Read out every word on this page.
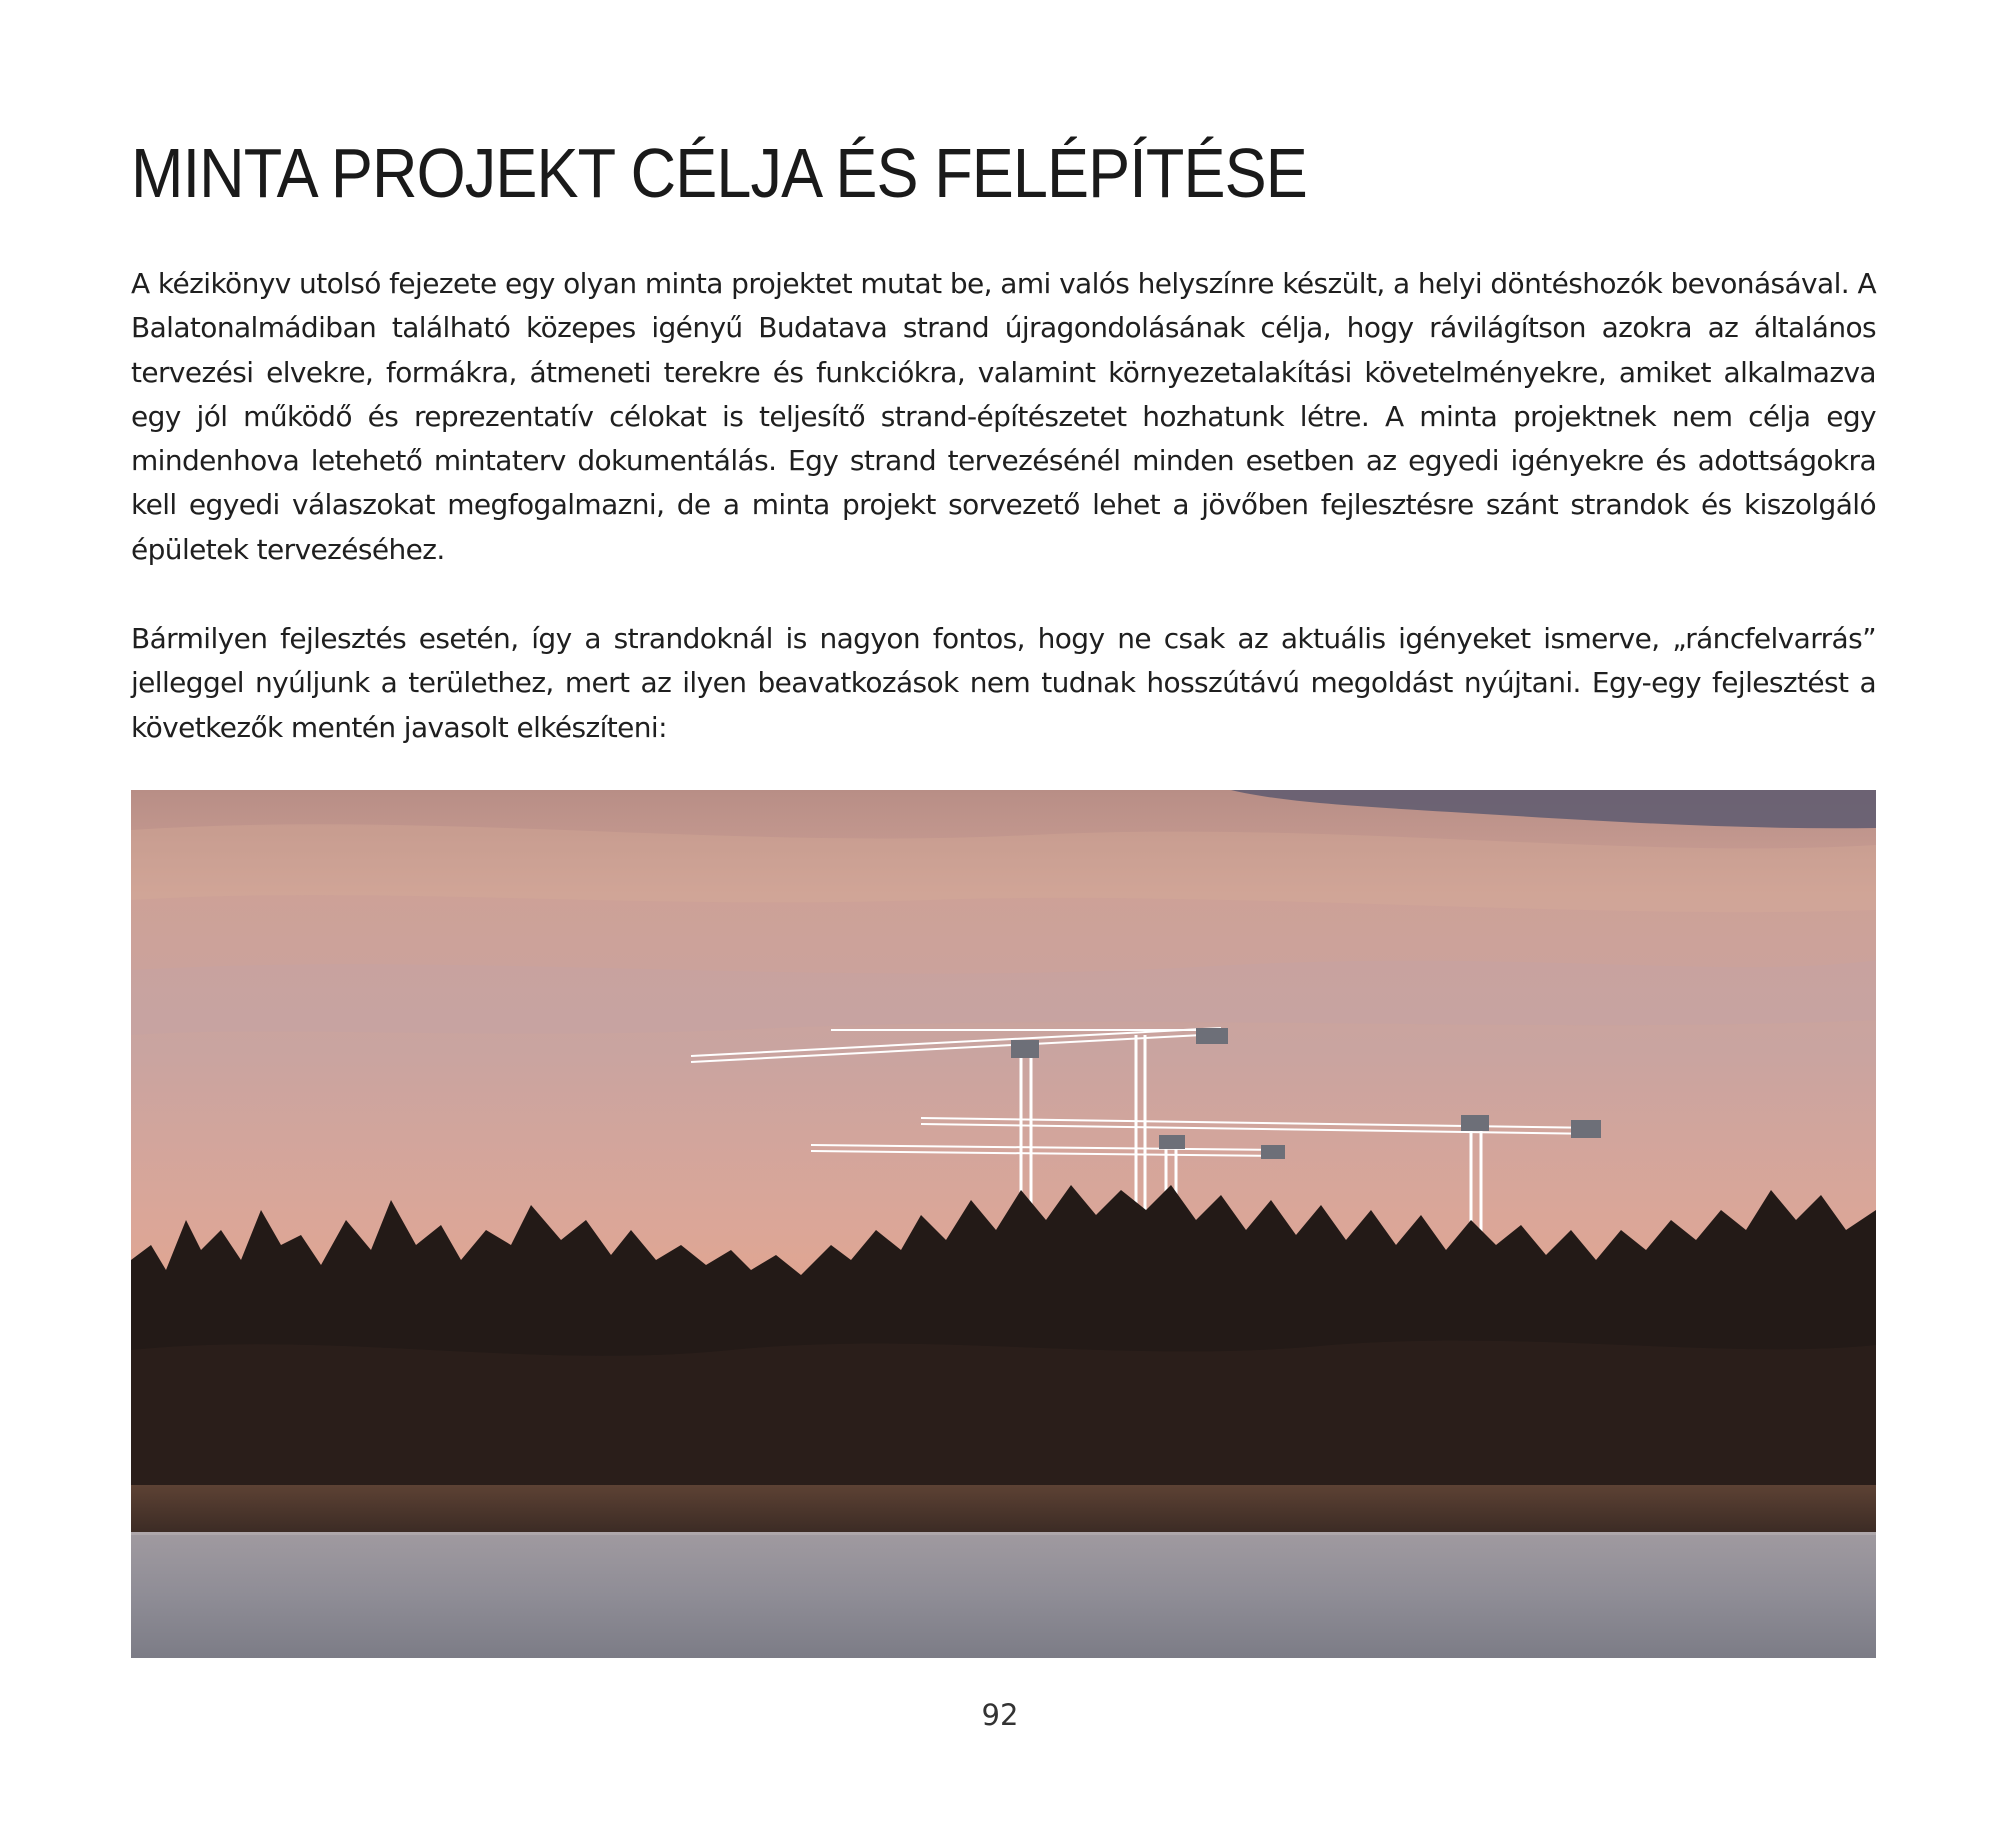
MINTA PROJEKT CÉLJA ÉS FELÉPÍTÉSE

A kézikönyv utolsó fejezete egy olyan minta projektet mutat be, ami valós helyszínre készült, a helyi döntéshozók bevonásával. A Balatonalmádiban található közepes igényű Budatava strand újragondolásának célja, hogy rávilágítson azokra az általános tervezési elvekre, formákra, átmeneti terekre és funkciókra, valamint környezetalakítási követelményekre, amiket alkalmazva egy jól működő és reprezentatív célokat is teljesítő strand-építészetet hozhatunk létre. A minta projektnek nem célja egy mindenhova letehető mintaterv dokumentálás. Egy strand tervezésénél minden esetben az egyedi igényekre és adottságokra kell egyedi válaszokat megfogalmazni, de a minta projekt sorvezető lehet a jövőben fejlesztésre szánt strandok és kiszolgáló épületek tervezéséhez.

Bármilyen fejlesztés esetén, így a strandoknál is nagyon fontos, hogy ne csak az aktuális igényeket ismerve, „ráncfelvarrás” jelleggel nyúljunk a területhez, mert az ilyen beavatkozások nem tudnak hosszútávú megoldást nyújtani. Egy-egy fejlesztést a következők mentén javasolt elkészíteni:

92
